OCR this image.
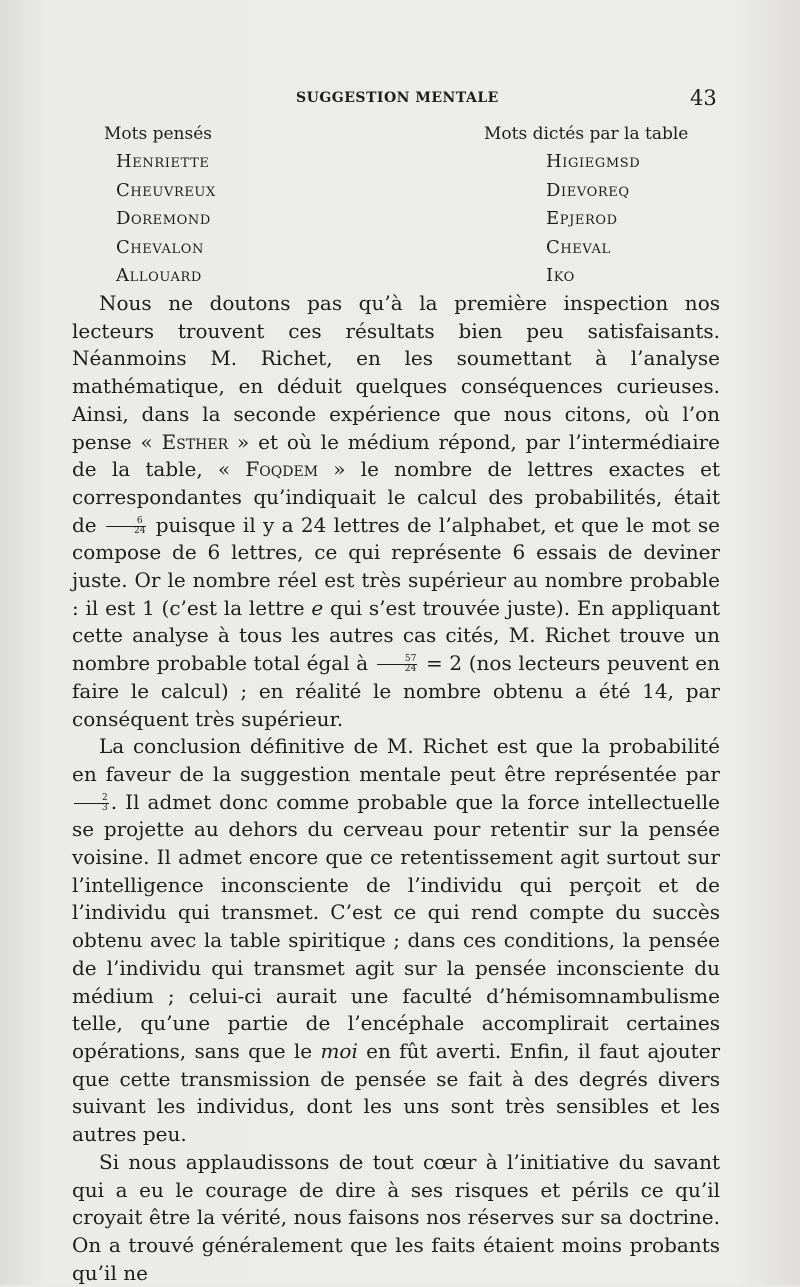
SUGGESTION MENTALE	43
Mots pensés
Henriette
Cheuvreux
Doremond
Chevalon
Allouard
Mots dictés par la table
Higiegmsd
Dievoreq
Epjerod
Cheval
Iko

Nous ne doutons pas qu’à la première inspection nos lecteurs trouvent ces résultats bien peu satisfaisants. Néanmoins M. Richet, en les soumettant à l’analyse mathématique, en déduit quelques conséquences curieuses. Ainsi, dans la seconde expérience que nous citons, où l’on pense « Esther » et où le médium répond, par l’intermédiaire de la table, « Foqdem » le nombre de lettres exactes et correspondantes qu’indiquait le calcul des probabilités, était de $\frac{6}{24}$ puisque il y a 24 lettres de l’alphabet, et que le mot se compose de 6 lettres, ce qui représente 6 essais de deviner juste. Or le nombre réel est très supérieur au nombre probable : il est 1 (c’est la lettre e qui s’est trouvée juste). En appliquant cette analyse à tous les autres cas cités, M. Richet trouve un nombre probable total égal à $\frac{57}{24} = 2$ (nos lecteurs peuvent en faire le calcul) ; en réalité le nombre obtenu a été 14, par conséquent très supérieur.

La conclusion définitive de M. Richet est que la probabilité en faveur de la suggestion mentale peut être représentée par
$\frac{2}{3}$ . Il admet donc comme probable que la force intellectuelle se projette au dehors du cerveau pour retentir sur la pensée voisine. Il admet encore que ce retentissement agit surtout sur l’intelligence inconsciente de l’individu qui perçoit et de l’individu qui transmet. C’est ce qui rend compte du succès obtenu avec la table spiritique ; dans ces conditions, la pensée de l’individu qui transmet agit sur la pensée inconsciente du médium ; celui-ci aurait une faculté d’hémisomnambulisme telle, qu’une partie de l’encéphale accomplirait certaines opérations, sans que le moi en fût averti. Enfin, il faut ajouter que cette transmission de pensée se fait à des degrés divers suivant les individus, dont les uns sont très sensibles et les autres peu.

Si nous applaudissons de tout cœur à l’initiative du savant qui a eu le courage de dire à ses risques et périls ce qu’il croyait être la vérité, nous faisons nos réserves sur sa doctrine. On a trouvé généralement que les faits étaient moins probants qu’il ne
